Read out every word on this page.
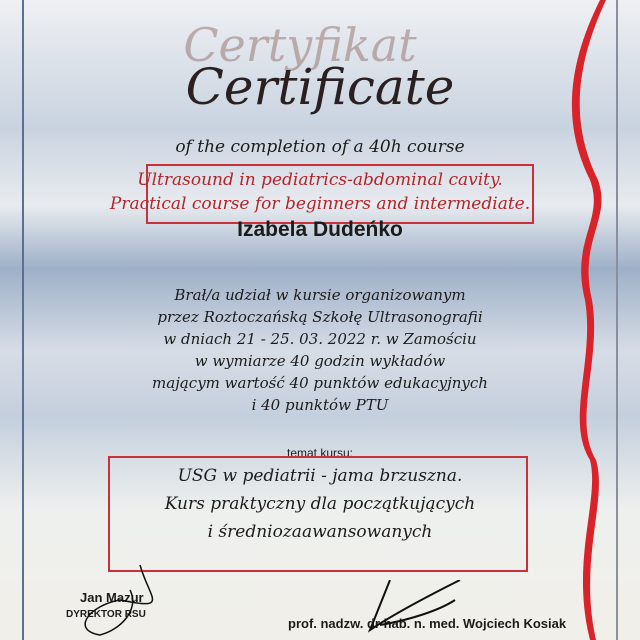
Certyfikat
Certificate
of the completion of a 40h course
Ultrasound in pediatrics-abdominal cavity.
Practical course for beginners and intermediate.
Izabela Dudeńko
Brał/a udział w kursie organizowanym
przez Roztoczańską Szkołę Ultrasonografii
w dniach 21 - 25. 03. 2022 r. w Zamościu
w wymiarze 40 godzin wykładów
mającym wartość 40 punktów edukacyjnych
i 40 punktów PTU
temat kursu:
USG w pediatrii - jama brzuszna.
Kurs praktyczny dla początkujących
i średniozaawansowanych
Jan Mazur
DYREKTOR RSU
prof. nadzw. dr hab. n. med. Wojciech Kosiak
